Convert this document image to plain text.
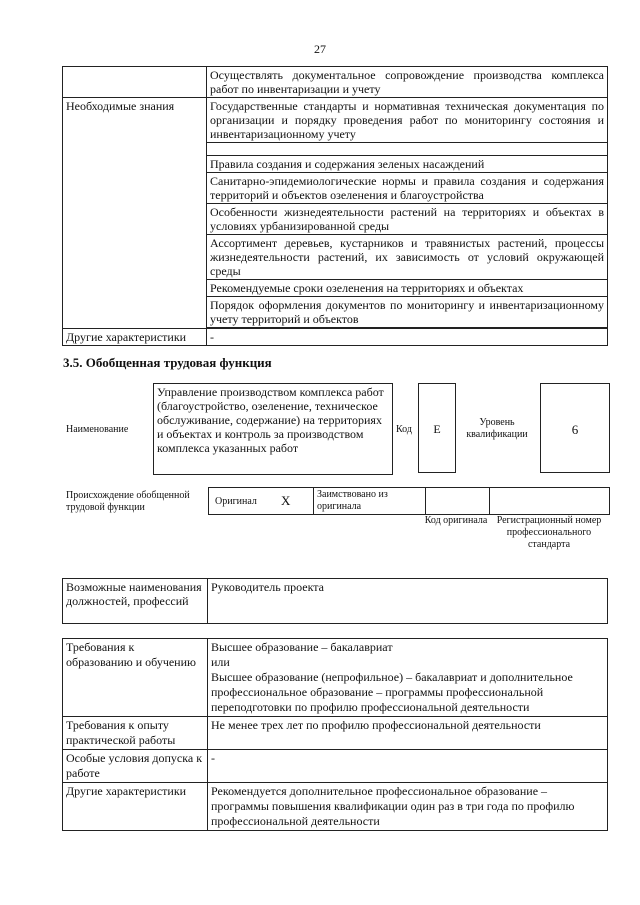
27
	Осуществлять документальное сопровождение производства комплекса работ по инвентаризации и учету
Необходимые знания	Государственные стандарты и нормативная техническая документация по организации и порядку проведения работ по мониторингу состояния и инвентаризационному учету

	Правила создания и содержания зеленых насаждений
	Санитарно-эпидемиологические нормы и правила создания и содержания территорий и объектов озеленения и благоустройства
	Особенности жизнедеятельности растений на территориях и объектах в условиях урбанизированной среды
	Ассортимент деревьев, кустарников и травянистых растений, процессы жизнедеятельности растений, их зависимость от условий окружающей среды
	Рекомендуемые сроки озеленения на территориях и объектах
	Порядок оформления документов по мониторингу и инвентаризационному учету территорий и объектов

Другие характеристики	-
3.5. Обобщенная трудовая функция
Наименование
Управление производством комплекса работ (благоустройство, озеленение, техническое обслуживание, содержание) на территориях и объектах и контроль за производством комплекса указанных работ
Код	E	Уровень квалификации	6
Происхождение обобщенной трудовой функции
Оригинал X	Заимствовано из оригинала
Код оригинала Регистрационный номер профессионального стандарта
Возможные наименования должностей, профессий	Руководитель проекта
Требования к образованию и обучению	Высшее образование – бакалавриат
или
Высшее образование (непрофильное) – бакалавриат и дополнительное профессиональное образование – программы профессиональной переподготовки по профилю профессиональной деятельности

Требования к опыту практической работы	Не менее трех лет по профилю профессиональной деятельности

Особые условия допуска к работе	-

Другие характеристики	Рекомендуется дополнительное профессиональное образование – программы повышения квалификации один раз в три года по профилю профессиональной деятельности
